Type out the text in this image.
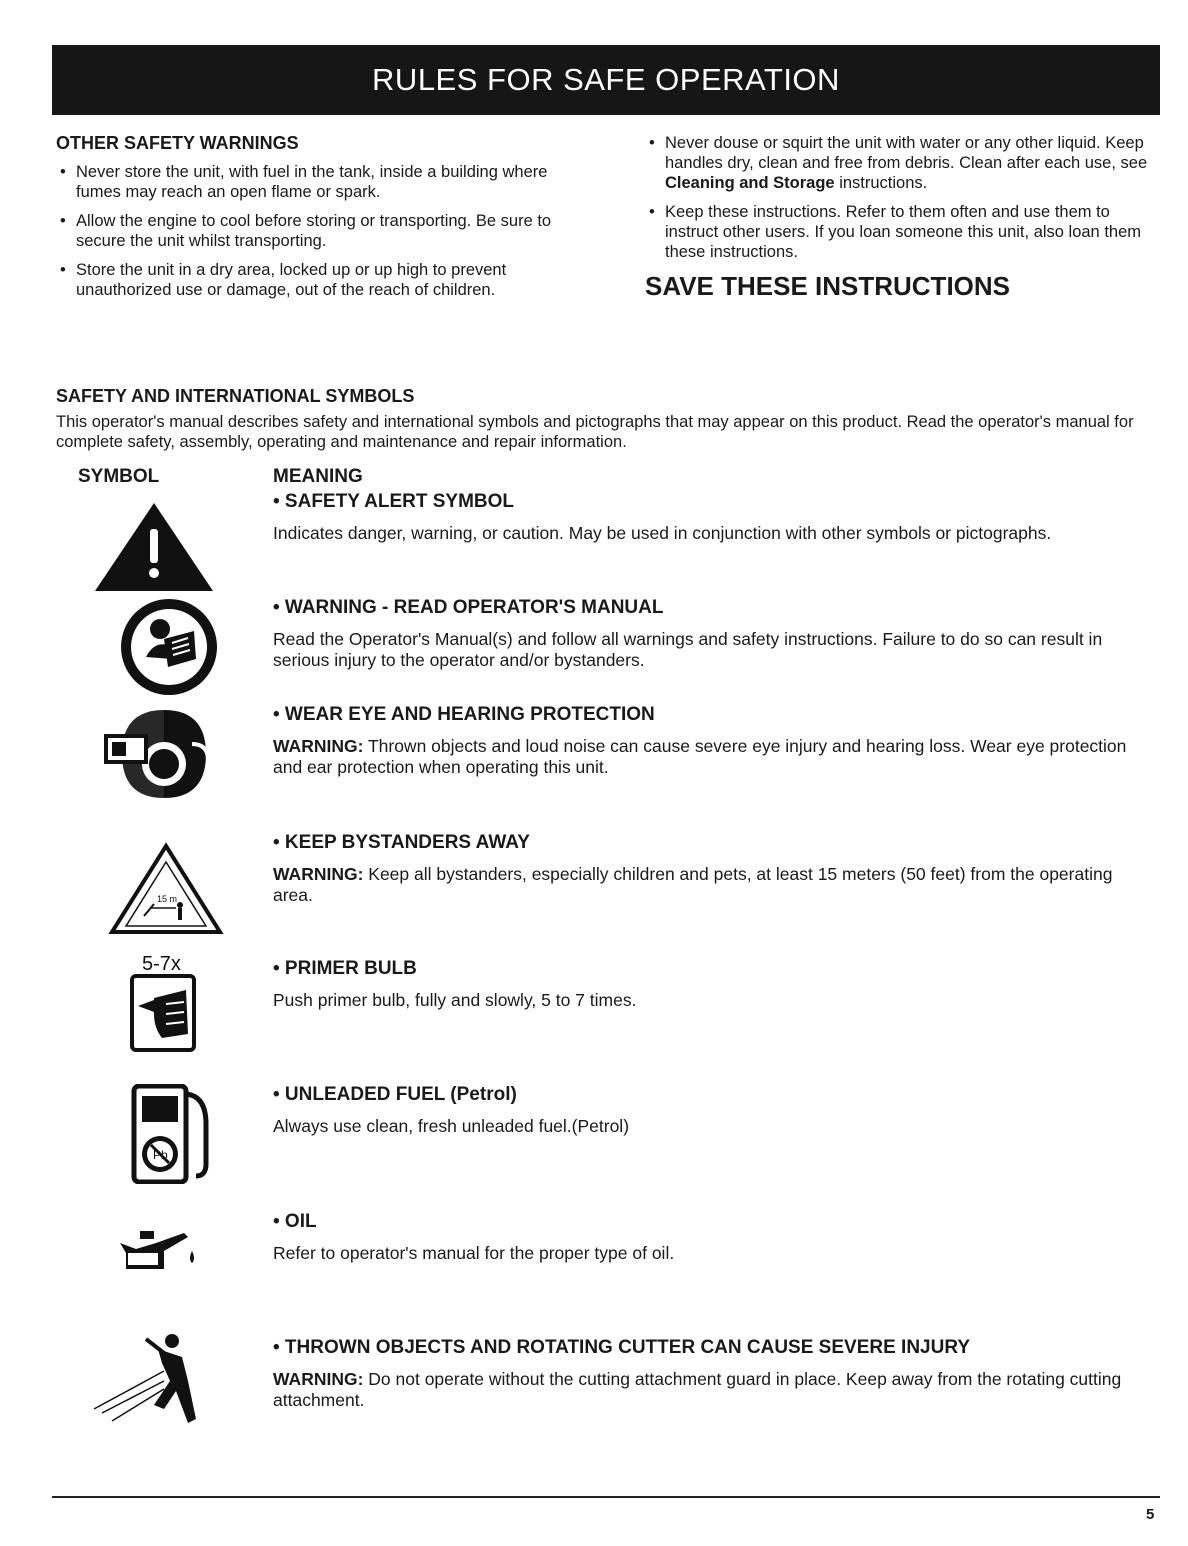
RULES FOR SAFE OPERATION
OTHER SAFETY WARNINGS
• Never store the unit, with fuel in the tank, inside a building where fumes may reach an open flame or spark.
• Allow the engine to cool before storing or transporting. Be sure to secure the unit whilst transporting.
• Store the unit in a dry area, locked up or up high to prevent unauthorized use or damage, out of the reach of children.
• Never douse or squirt the unit with water or any other liquid. Keep handles dry, clean and free from debris. Clean after each use, see Cleaning and Storage instructions.
• Keep these instructions. Refer to them often and use them to instruct other users. If you loan someone this unit, also loan them these instructions.
SAVE THESE INSTRUCTIONS
SAFETY AND INTERNATIONAL SYMBOLS

This operator's manual describes safety and international symbols and pictographs that may appear on this product. Read the operator's manual for complete safety, assembly, operating and maintenance and repair information.

SYMBOL	MEANING
• SAFETY ALERT SYMBOL
Indicates danger, warning, or caution. May be used in conjunction with other symbols or pictographs.
• WARNING - READ OPERATOR'S MANUAL
Read the Operator's Manual(s) and follow all warnings and safety instructions. Failure to do so can result in serious injury to the operator and/or bystanders.
• WEAR EYE AND HEARING PROTECTION
WARNING: Thrown objects and loud noise can cause severe eye injury and hearing loss. Wear eye protection and ear protection when operating this unit.
15 m
• KEEP BYSTANDERS AWAY
WARNING: Keep all bystanders, especially children and pets, at least 15 meters (50 feet) from the operating area.
5-7x	• PRIMER BULB
Push primer bulb, fully and slowly, 5 to 7 times.
Pb
• UNLEADED FUEL (Petrol)
Always use clean, fresh unleaded fuel.(Petrol)
• OIL
Refer to operator's manual for the proper type of oil.
• THROWN OBJECTS AND ROTATING CUTTER CAN CAUSE SEVERE INJURY
WARNING: Do not operate without the cutting attachment guard in place. Keep away from the rotating cutting attachment.
5
